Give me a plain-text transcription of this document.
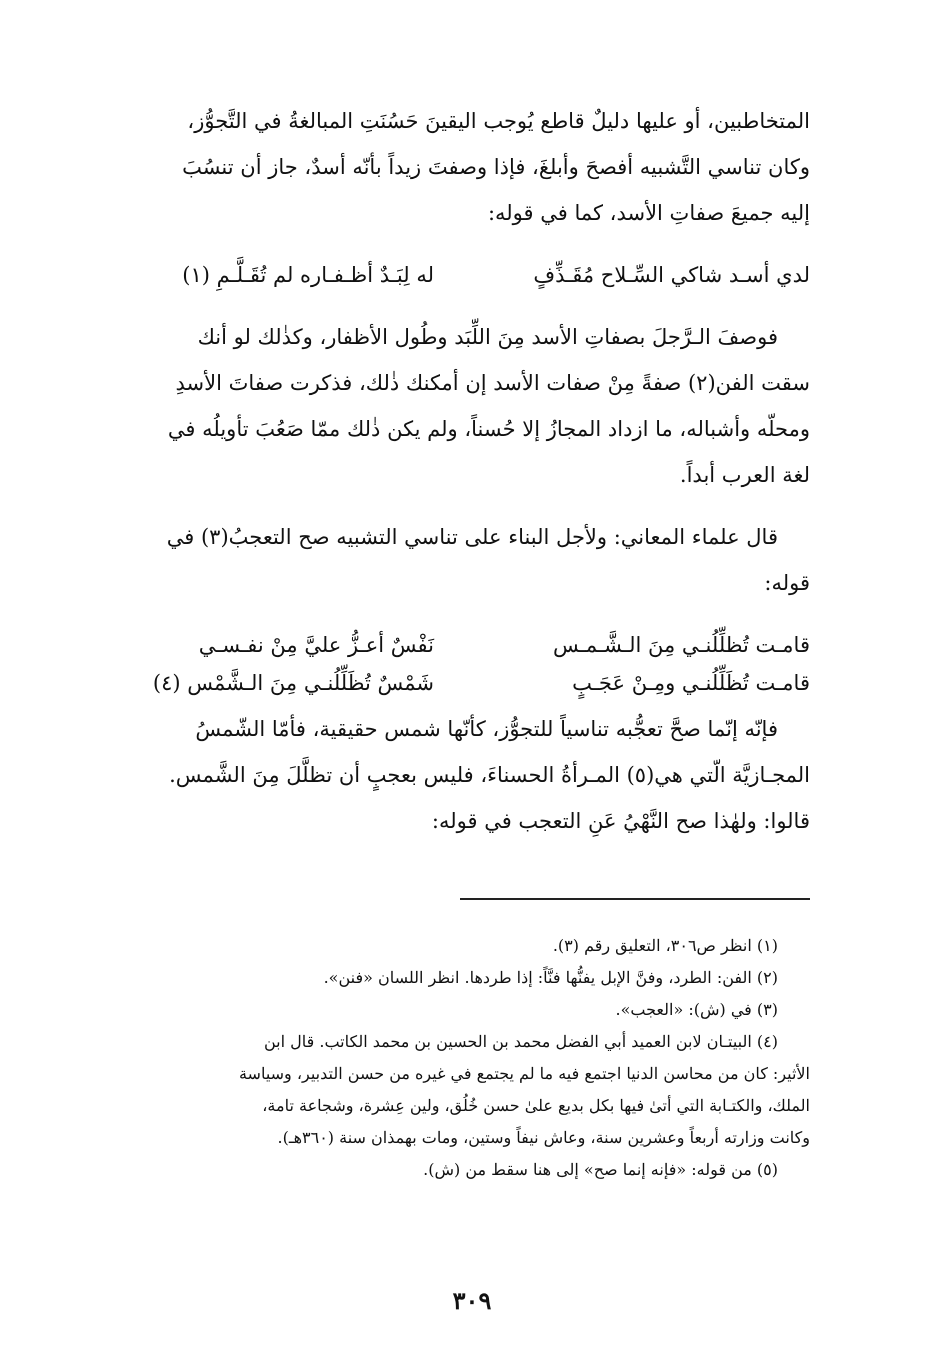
المتخاطبين، أو عليها دليلٌ قاطع يُوجب اليقينَ حَسُنَتِ المبالغةُ في التَّجوُّز،
وكان تناسي التَّشبيه أفصحَ وأبلغَ، فإذا وصفتَ زيداً بأنّه أسدٌ، جاز أن تنسُبَ
إليه جميعَ صفاتِ الأسد، كما في قوله:

لدي أسـد شاكي السِّـلاح مُقَـذِّفٍ
له لِبَـدٌ أظـفـاره لم تُقَـلَّـمِ (١)

فوصفَ الـرَّجلَ بصفاتِ الأسد مِنَ اللِّبَد وطُول الأظفار، وكذٰلك لو أنك
سقت الفن(٢) صفةً مِنْ صفات الأسد إن أمكنك ذٰلك، فذكرت صفاتَ الأسدِ
ومحلّه وأشباله، ما ازداد المجازُ إلا حُسناً، ولم يكن ذٰلك ممّا صَعُبَ تأويلُه في
لغة العرب أبداً.

قال علماء المعاني: ولأجل البناء على تناسي التشبيه صح التعجبُ(٣) في
قوله:

قامـت تُظلِّلُنـي مِنَ الـشَّـمـس
نَفْسٌ أعـزُّ عليَّ مِنْ نفـسـي
قامـت تُظَلِّلُنـي ومِـنْ عَجَـبٍ
شَمْسٌ تُظَلِّلُنـي مِنَ الـشَّمْس (٤)

فإنّه إنّما صحَّ تعجُّبه تناسياً للتجوُّز، كأنّها شمس حقيقية، فأمّا الشّمسُ
المجـازيَّة الّتي هي(٥) المـرأةُ الحسناءَ، فليس بعجبٍ أن تظلَّلَ مِنَ الشَّمس.
قالوا: ولهٰذا صح النَّهْيُ عَنِ التعجب في قوله:

(١) انظر ص٣٠٦، التعليق رقم (٣).

(٢) الفن: الطرد، وفنَّ الإبل يفنُّها فنَّاً: إذا طردها. انظر اللسان «فنن».

(٣) في (ش): «العجب».

(٤) البيتـان لابن العميد أبي الفضل محمد بن الحسين بن محمد الكاتب. قال ابن
الأثير: كان من محاسن الدنيا اجتمع فيه ما لم يجتمع في غيره من حسن التدبير، وسياسة
الملك، والكتـابة التي أتىٰ فيها بكل بديع علىٰ حسن خُلُق، ولين عِشرة، وشجاعة تامة،
وكانت وزارته أربعاً وعشرين سنة، وعاش نيفاً وستين، ومات بهمذان سنة (٣٦٠هـ).

(٥) من قوله: «فإنه إنما صح» إلى هنا سقط من (ش).

٣٠٩
